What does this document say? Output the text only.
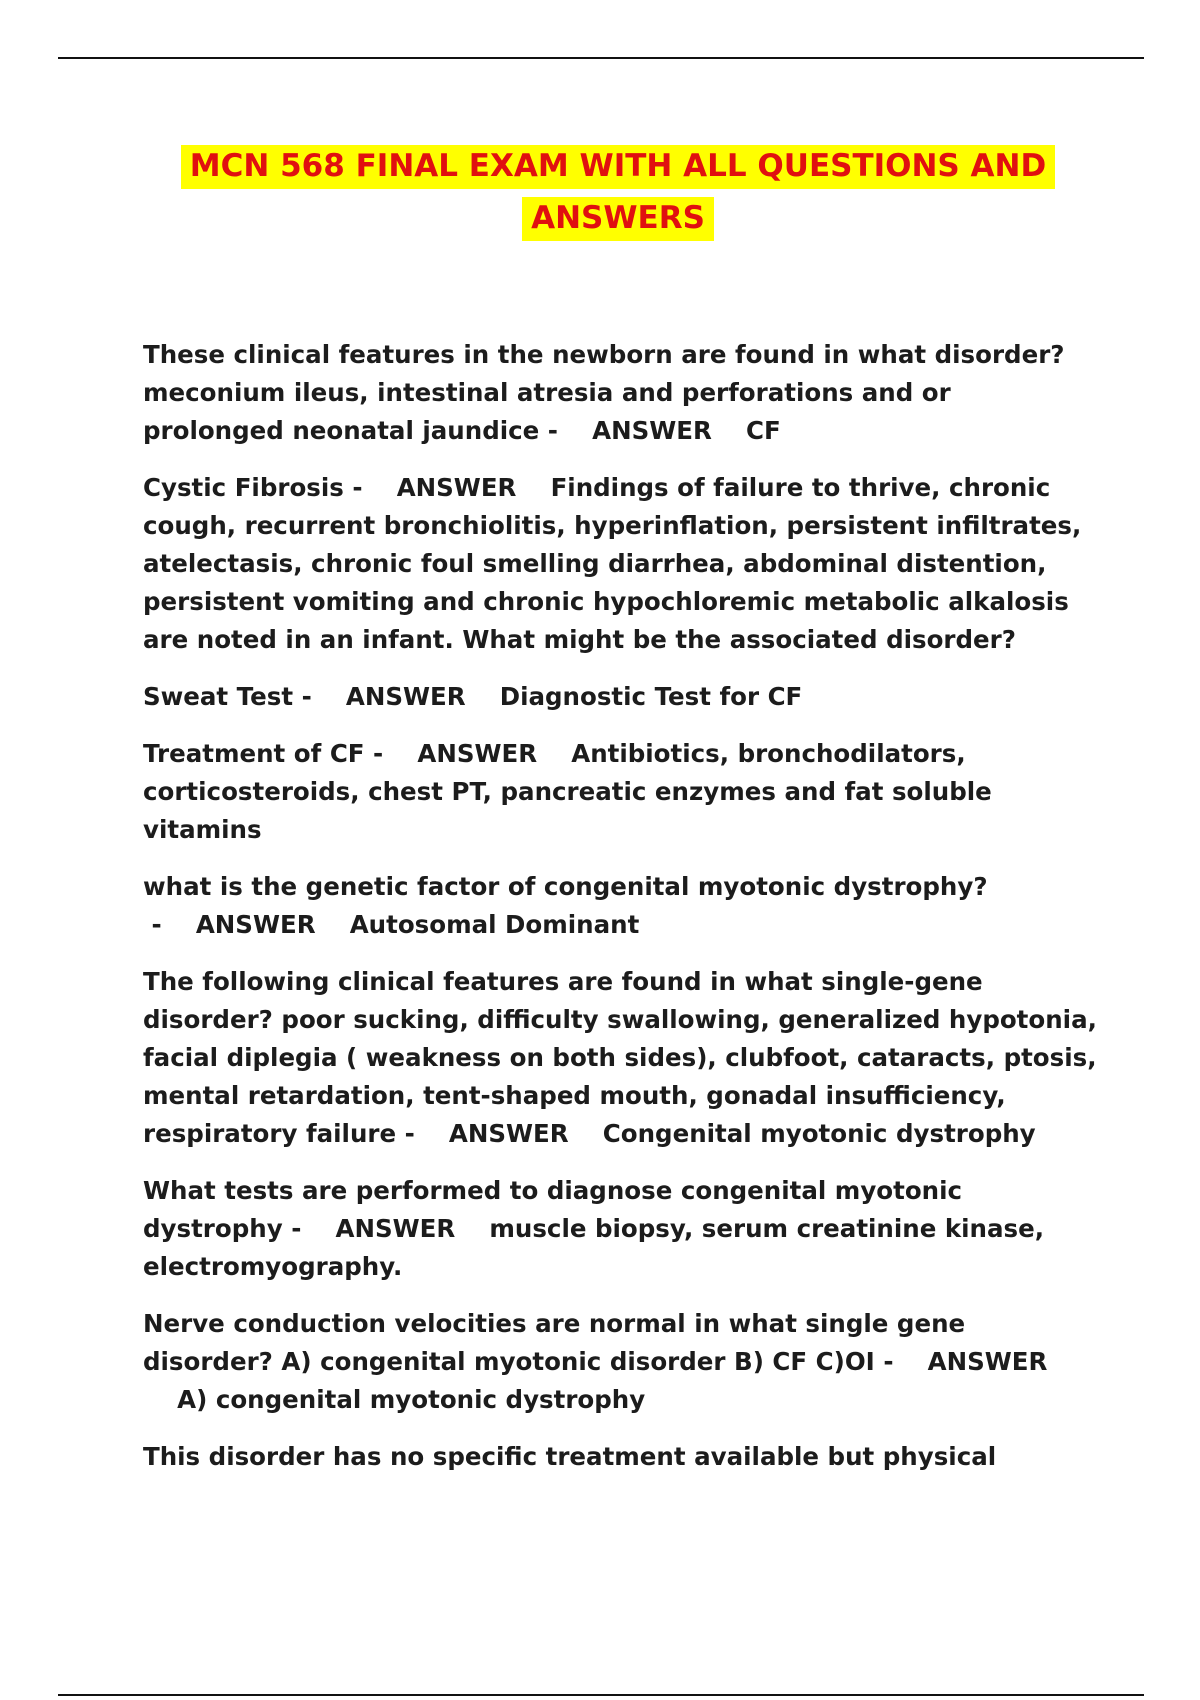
MCN 568 FINAL EXAM WITH ALL QUESTIONS AND
ANSWERS

These clinical features in the newborn are found in what disorder? meconium ileus, intestinal atresia and perforations and or prolonged neonatal jaundice -    ANSWER CF

Cystic Fibrosis -    ANSWER Findings of failure to thrive, chronic cough, recurrent bronchiolitis, hyperinflation, persistent infiltrates, atelectasis, chronic foul smelling diarrhea, abdominal distention, persistent vomiting and chronic hypochloremic metabolic alkalosis are noted in an infant. What might be the associated disorder?

Sweat Test -    ANSWER Diagnostic Test for CF

Treatment of CF -    ANSWER Antibiotics, bronchodilators, corticosteroids, chest PT, pancreatic enzymes and fat soluble vitamins

what is the genetic factor of congenital myotonic dystrophy? -    ANSWER Autosomal Dominant

The following clinical features are found in what single-gene disorder? poor sucking, difficulty swallowing, generalized hypotonia, facial diplegia ( weakness on both sides), clubfoot, cataracts, ptosis, mental retardation, tent-shaped mouth, gonadal insufficiency, respiratory failure -    ANSWER Congenital myotonic dystrophy

What tests are performed to diagnose congenital myotonic dystrophy -    ANSWER muscle biopsy, serum creatinine kinase, electromyography.

Nerve conduction velocities are normal in what single gene disorder? A) congenital myotonic disorder B) CF C)OI -    ANSWER    A) congenital myotonic dystrophy

This disorder has no specific treatment available but physical
